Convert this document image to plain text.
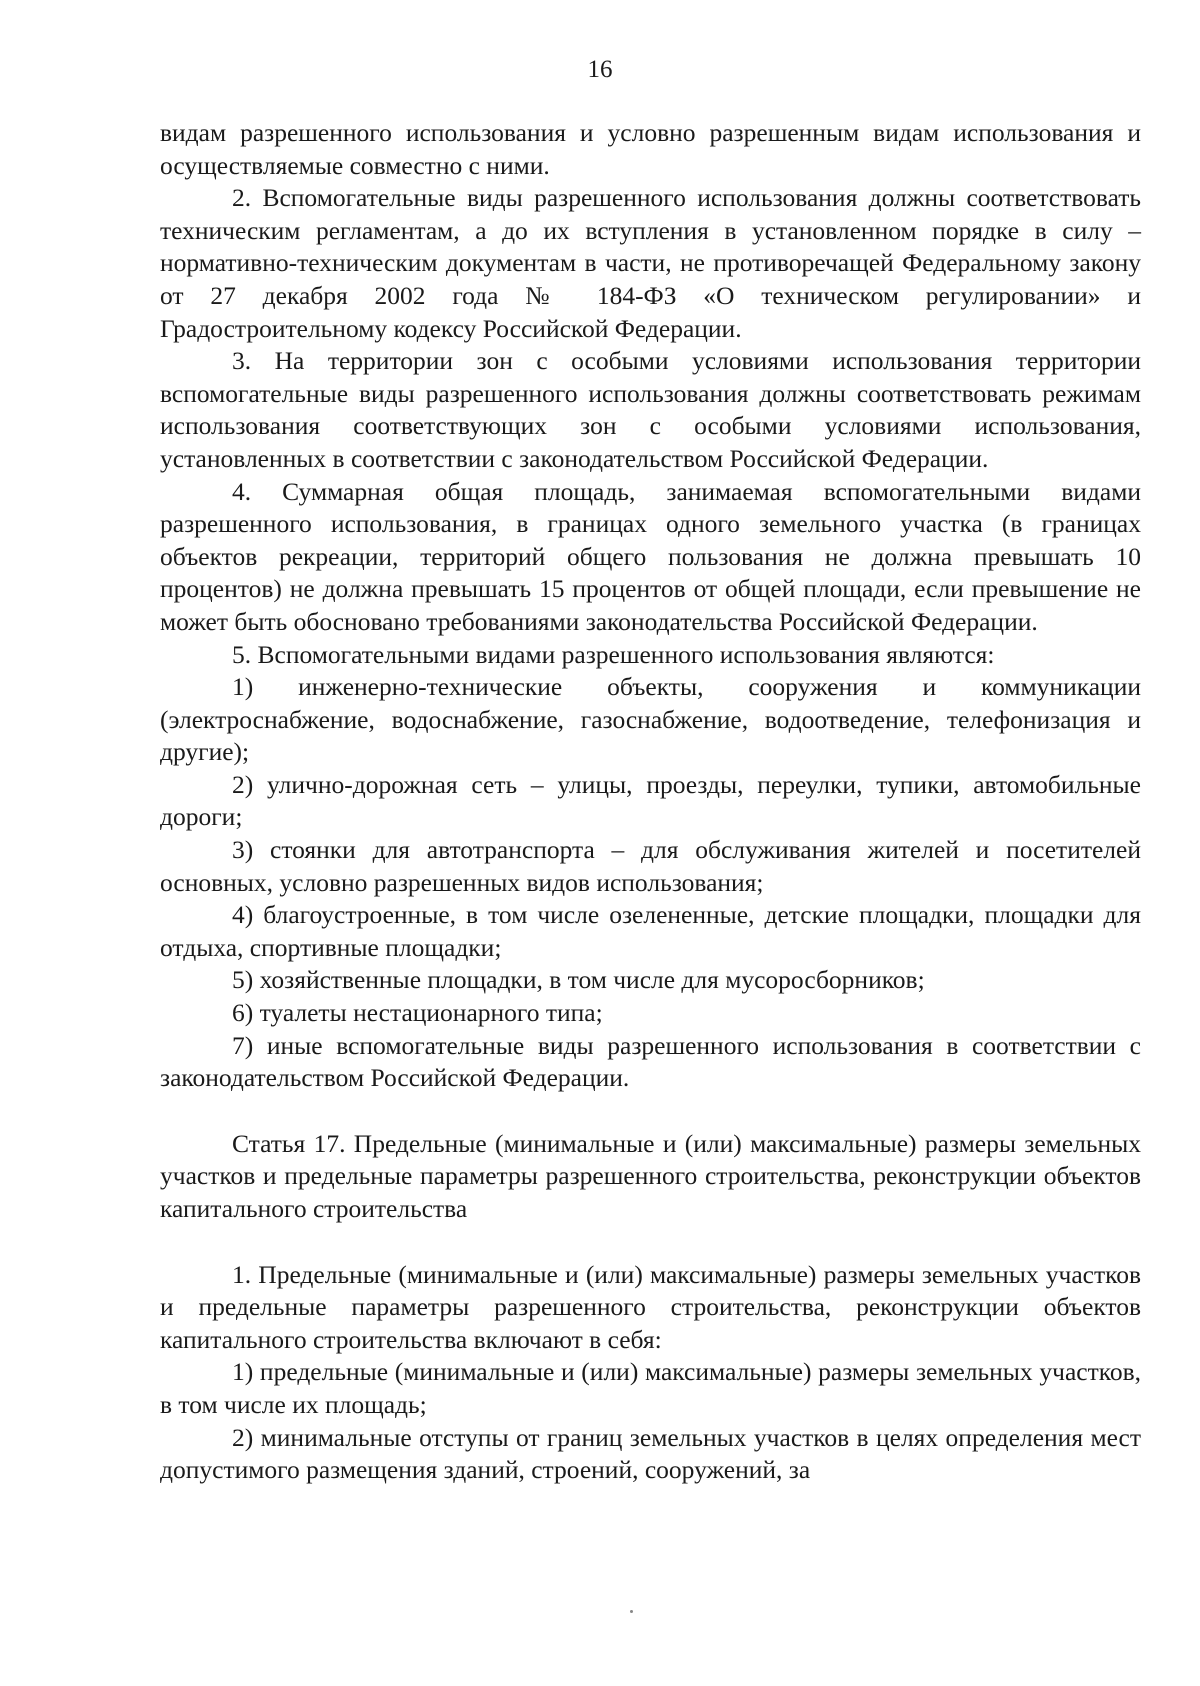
16

видам разрешенного использования и условно разрешенным видам использования и осуществляемые совместно с ними.

2. Вспомогательные виды разрешенного использования должны соответствовать техническим регламентам, а до их вступления в установленном порядке в силу – нормативно-техническим документам в части, не противоречащей Федеральному закону от 27 декабря 2002 года № 184-ФЗ «О техническом регулировании» и Градостроительному кодексу Российской Федерации.

3. На территории зон с особыми условиями использования территории вспомогательные виды разрешенного использования должны соответствовать режимам использования соответствующих зон с особыми условиями использования, установленных в соответствии с законодательством Российской Федерации.

4. Суммарная общая площадь, занимаемая вспомогательными видами разрешенного использования, в границах одного земельного участка (в границах объектов рекреации, территорий общего пользования не должна превышать 10 процентов) не должна превышать 15 процентов от общей площади, если превышение не может быть обосновано требованиями законодательства Российской Федерации.

5. Вспомогательными видами разрешенного использования являются:

1) инженерно-технические объекты, сооружения и коммуникации (электроснабжение, водоснабжение, газоснабжение, водоотведение, телефонизация и другие);

2) улично-дорожная сеть – улицы, проезды, переулки, тупики, автомобильные дороги;

3) стоянки для автотранспорта – для обслуживания жителей и посетителей основных, условно разрешенных видов использования;

4) благоустроенные, в том числе озелененные, детские площадки, площадки для отдыха, спортивные площадки;

5) хозяйственные площадки, в том числе для мусоросборников;

6) туалеты нестационарного типа;

7) иные вспомогательные виды разрешенного использования в соответствии с законодательством Российской Федерации.

Статья 17. Предельные (минимальные и (или) максимальные) размеры земельных участков и предельные параметры разрешенного строительства, реконструкции объектов капитального строительства

1. Предельные (минимальные и (или) максимальные) размеры земельных участков и предельные параметры разрешенного строительства, реконструкции объектов капитального строительства включают в себя:

1) предельные (минимальные и (или) максимальные) размеры земельных участков, в том числе их площадь;

2) минимальные отступы от границ земельных участков в целях определения мест допустимого размещения зданий, строений, сооружений, за
